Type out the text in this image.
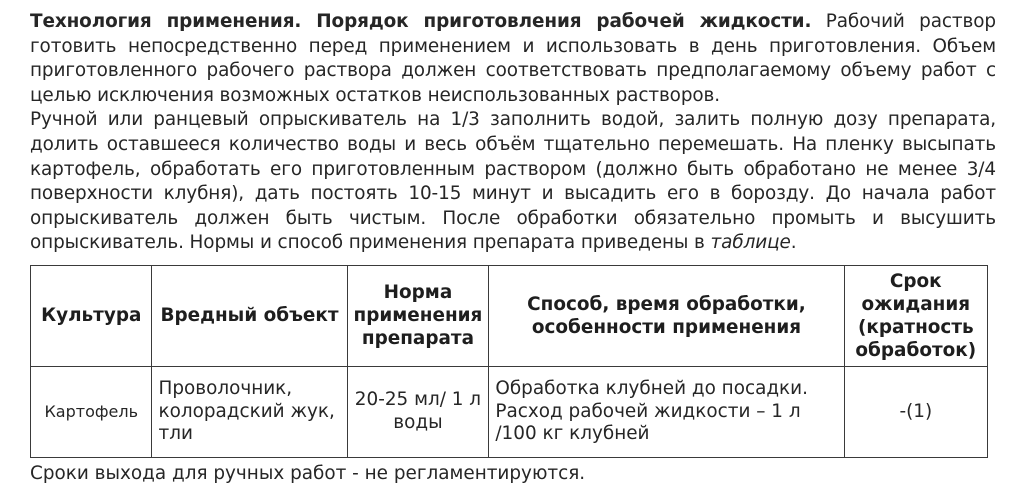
Технология применения. Порядок приготовления рабочей жидкости. Рабочий раствор готовить непосредственно перед применением и использовать в день приготовления. Объем приготовленного рабочего раствора должен соответствовать предполагаемому объему работ с целью исключения возможных остатков неиспользованных растворов.

Ручной или ранцевый опрыскиватель на 1/3 заполнить водой, залить полную дозу препарата, долить оставшееся количество воды и весь объём тщательно перемешать. На пленку высыпать картофель, обработать его приготовленным раствором (должно быть обработано не менее 3/4 поверхности клубня), дать постоять 10-15 минут и высадить его в борозду. До начала работ опрыскиватель должен быть чистым. После обработки обязательно промыть и высушить опрыскиватель. Нормы и способ применения препарата приведены в таблице.

Культура	Вредный объект	Норма применения препарата	Способ, время обработки, особенности применения	Срок ожидания (кратность обработок)
Картофель	Проволочник, колорадский жук, тли	20-25 мл/ 1 л воды	Обработка клубней до посадки. Расход рабочей жидкости – 1 л /100 кг клубней	-(1)
Сроки выхода для ручных работ - не регламентируются.
